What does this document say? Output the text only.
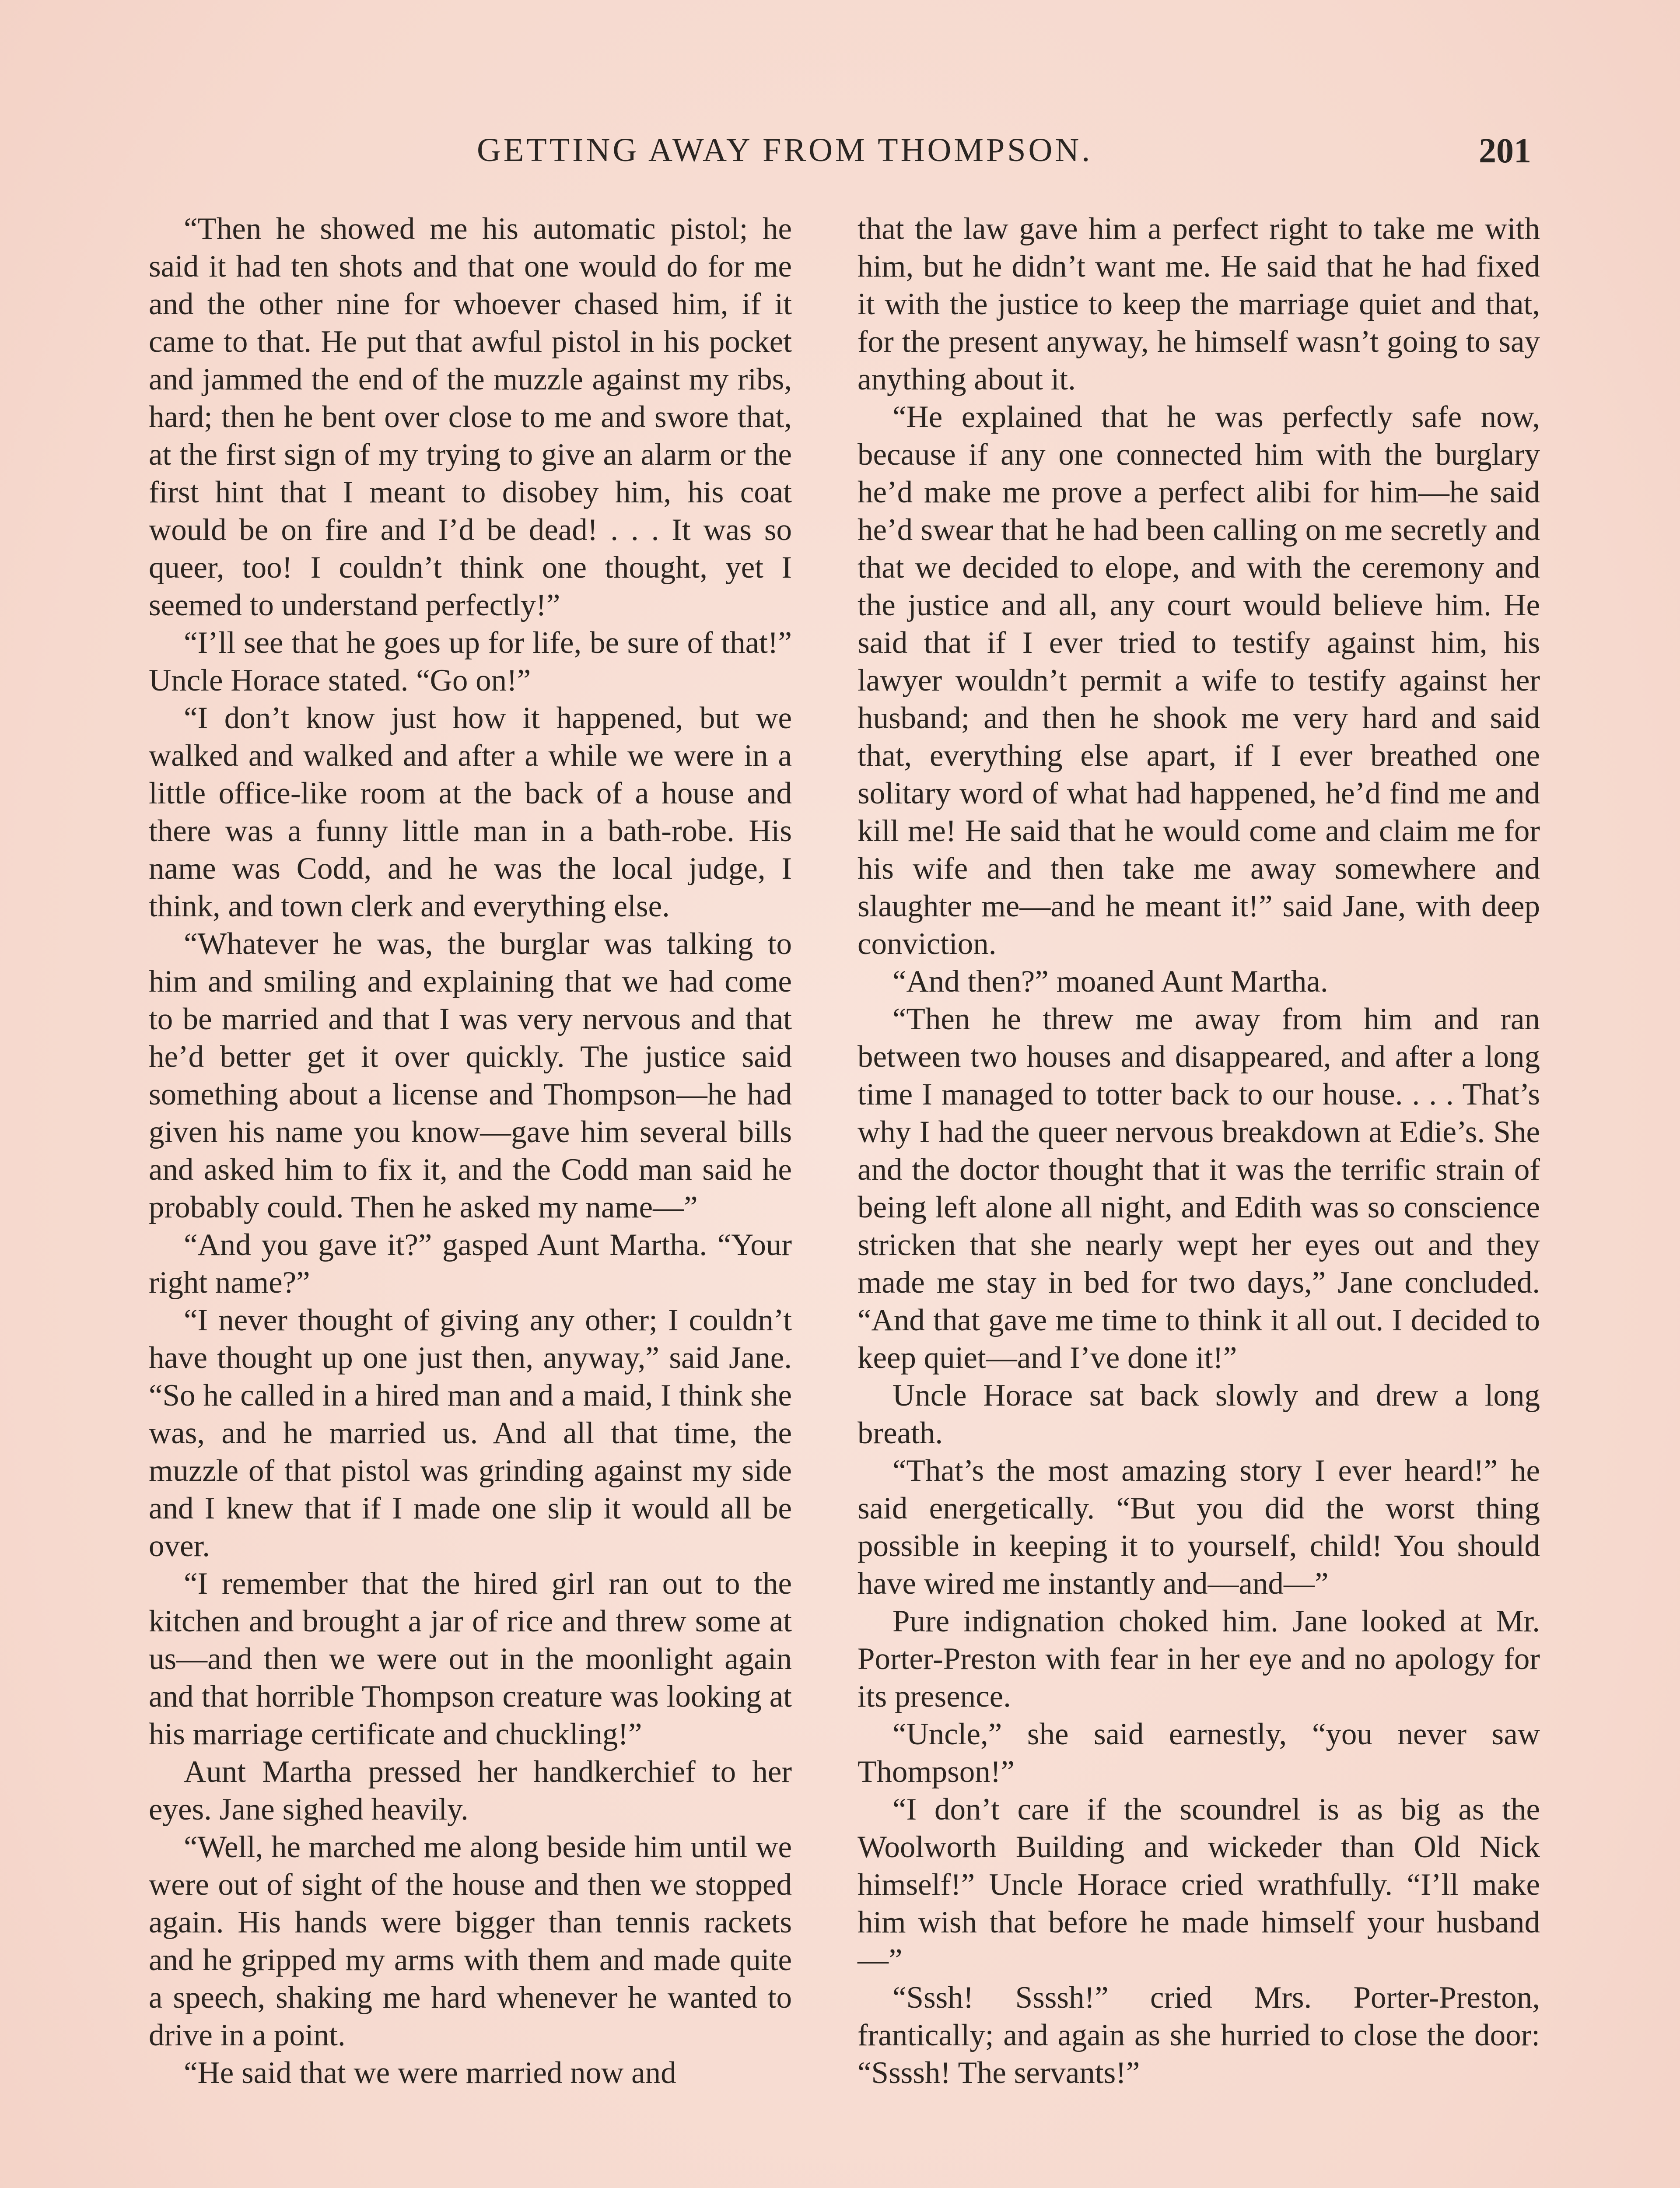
GETTING AWAY FROM THOMPSON.	201

“Then he showed me his automatic pistol; he said it had ten shots and that one would do for me and the other nine for whoever chased him, if it came to that. He put that awful pistol in his pocket and jammed the end of the muzzle against my ribs, hard; then he bent over close to me and swore that, at the first sign of my trying to give an alarm or the first hint that I meant to disobey him, his coat would be on fire and I’d be dead! . . . It was so queer, too! I couldn’t think one thought, yet I seemed to understand perfectly!”

“I’ll see that he goes up for life, be sure of that!” Uncle Horace stated. “Go on!”

“I don’t know just how it happened, but we walked and walked and after a while we were in a little office-like room at the back of a house and there was a funny little man in a bath-robe. His name was Codd, and he was the local judge, I think, and town clerk and everything else.

“Whatever he was, the burglar was talking to him and smiling and explaining that we had come to be married and that I was very nervous and that he’d better get it over quickly. The justice said something about a license and Thompson—he had given his name you know—gave him several bills and asked him to fix it, and the Codd man said he probably could. Then he asked my name—”

“And you gave it?” gasped Aunt Martha. “Your right name?”

“I never thought of giving any other; I couldn’t have thought up one just then, anyway,” said Jane. “So he called in a hired man and a maid, I think she was, and he married us. And all that time, the muzzle of that pistol was grinding against my side and I knew that if I made one slip it would all be over.

“I remember that the hired girl ran out to the kitchen and brought a jar of rice and threw some at us—and then we were out in the moonlight again and that horrible Thompson creature was looking at his marriage certificate and chuckling!”

Aunt Martha pressed her handkerchief to her eyes. Jane sighed heavily.

“Well, he marched me along beside him until we were out of sight of the house and then we stopped again. His hands were bigger than tennis rackets and he gripped my arms with them and made quite a speech, shaking me hard whenever he wanted to drive in a point.

“He said that we were married now and

that the law gave him a perfect right to take me with him, but he didn’t want me. He said that he had fixed it with the justice to keep the marriage quiet and that, for the present anyway, he himself wasn’t going to say anything about it.

“He explained that he was perfectly safe now, because if any one connected him with the burglary he’d make me prove a perfect alibi for him—he said he’d swear that he had been calling on me secretly and that we decided to elope, and with the ceremony and the justice and all, any court would believe him. He said that if I ever tried to testify against him, his lawyer wouldn’t permit a wife to testify against her husband; and then he shook me very hard and said that, everything else apart, if I ever breathed one solitary word of what had happened, he’d find me and kill me! He said that he would come and claim me for his wife and then take me away somewhere and slaughter me—and he meant it!” said Jane, with deep conviction.

“And then?” moaned Aunt Martha.

“Then he threw me away from him and ran between two houses and disappeared, and after a long time I managed to totter back to our house. . . . That’s why I had the queer nervous breakdown at Edie’s. She and the doctor thought that it was the terrific strain of being left alone all night, and Edith was so conscience stricken that she nearly wept her eyes out and they made me stay in bed for two days,” Jane concluded. “And that gave me time to think it all out. I decided to keep quiet—and I’ve done it!”

Uncle Horace sat back slowly and drew a long breath.

“That’s the most amazing story I ever heard!” he said energetically. “But you did the worst thing possible in keeping it to yourself, child! You should have wired me instantly and—and—”

Pure indignation choked him. Jane looked at Mr. Porter-Preston with fear in her eye and no apology for its presence.

“Uncle,” she said earnestly, “you never saw Thompson!”

“I don’t care if the scoundrel is as big as the Woolworth Building and wickeder than Old Nick himself!” Uncle Horace cried wrathfully. “I’ll make him wish that before he made himself your husband—”

“Sssh! Ssssh!” cried Mrs. Porter-Preston, frantically; and again as she hurried to close the door: “Ssssh! The servants!”
